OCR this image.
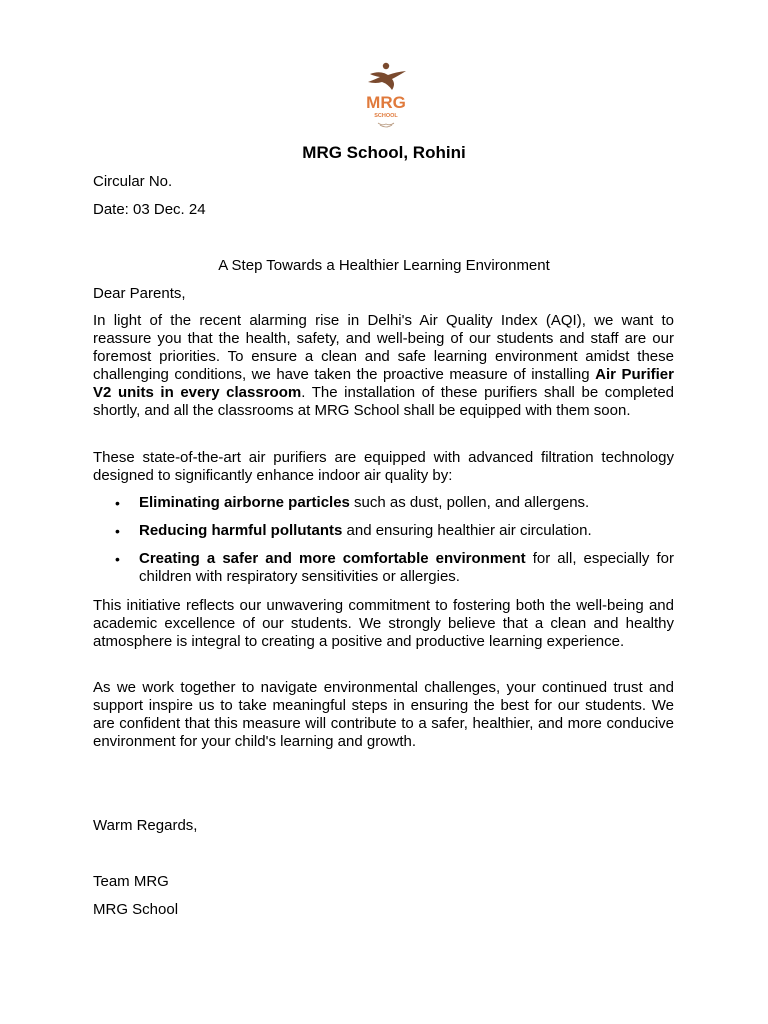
MRG
SCHOOL
MRG School, Rohini
Circular No.
Date: 03 Dec. 24
A Step Towards a Healthier Learning Environment
Dear Parents,
In light of the recent alarming rise in Delhi's Air Quality Index (AQI), we want to reassure you that the health, safety, and well-being of our students and staff are our foremost priorities. To ensure a clean and safe learning environment amidst these challenging conditions, we have taken the proactive measure of installing Air Purifier V2 units in every classroom. The installation of these purifiers shall be completed shortly, and all the classrooms at MRG School shall be equipped with them soon.
These state-of-the-art air purifiers are equipped with advanced filtration technology designed to significantly enhance indoor air quality by:
• Eliminating airborne particles such as dust, pollen, and allergens.
• Reducing harmful pollutants and ensuring healthier air circulation.
• Creating a safer and more comfortable environment for all, especially for children with respiratory sensitivities or allergies.
This initiative reflects our unwavering commitment to fostering both the well-being and academic excellence of our students. We strongly believe that a clean and healthy atmosphere is integral to creating a positive and productive learning experience.
As we work together to navigate environmental challenges, your continued trust and support inspire us to take meaningful steps in ensuring the best for our students. We are confident that this measure will contribute to a safer, healthier, and more conducive environment for your child's learning and growth.
Warm Regards,
Team MRG
MRG School
